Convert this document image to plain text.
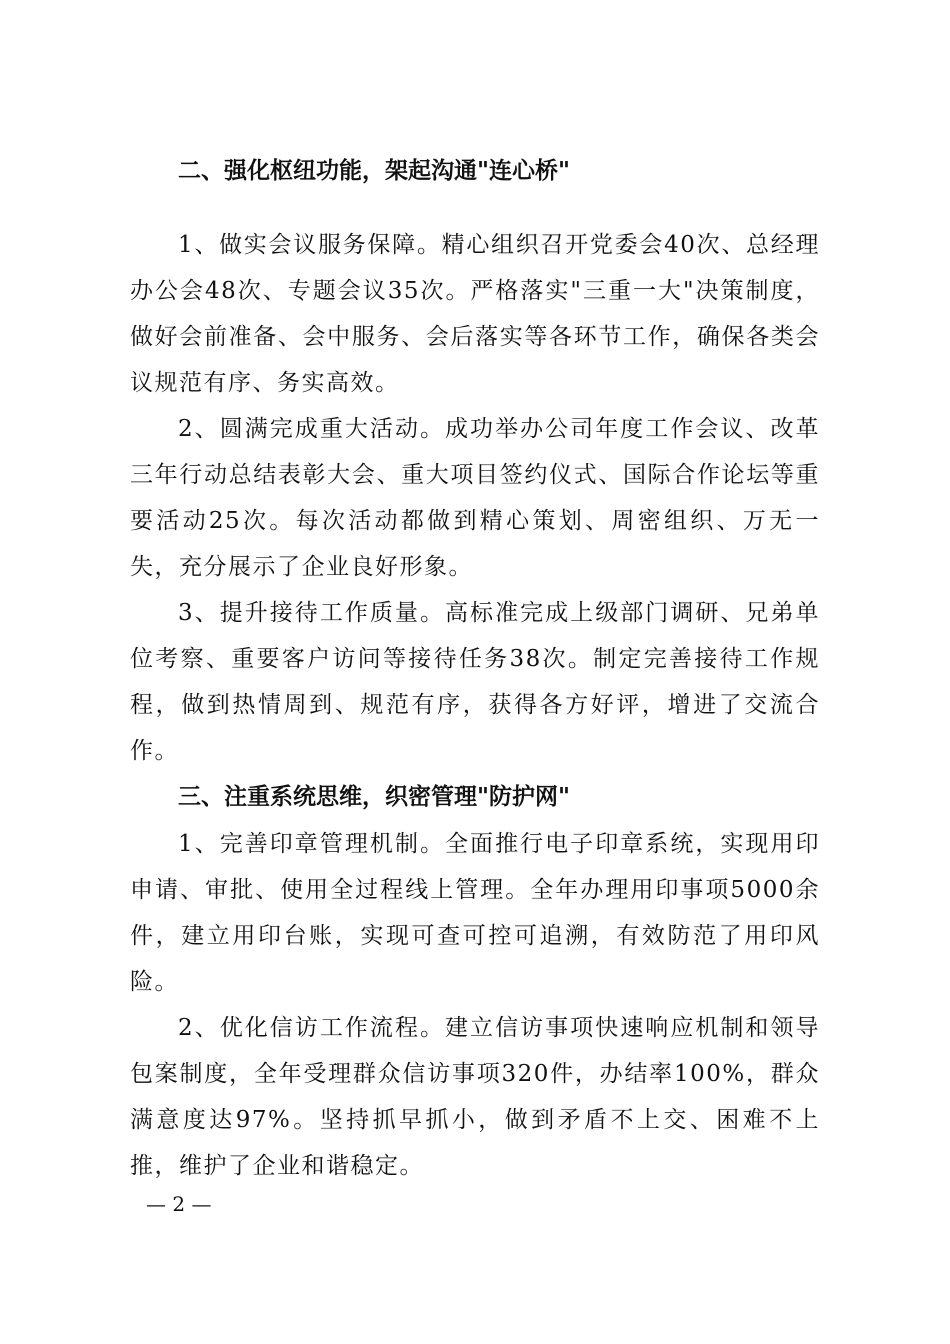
二、强化枢纽功能，架起沟通"连心桥"

1、做实会议服务保障。精心组织召开党委会40次、总经理办公会48次、专题会议35次。严格落实"三重一大"决策制度，做好会前准备、会中服务、会后落实等各环节工作，确保各类会议规范有序、务实高效。

2、圆满完成重大活动。成功举办公司年度工作会议、改革三年行动总结表彰大会、重大项目签约仪式、国际合作论坛等重要活动25次。每次活动都做到精心策划、周密组织、万无一失，充分展示了企业良好形象。

3、提升接待工作质量。高标准完成上级部门调研、兄弟单位考察、重要客户访问等接待任务38次。制定完善接待工作规程，做到热情周到、规范有序，获得各方好评，增进了交流合作。

三、注重系统思维，织密管理"防护网"

1、完善印章管理机制。全面推行电子印章系统，实现用印申请、审批、使用全过程线上管理。全年办理用印事项5000余件，建立用印台账，实现可查可控可追溯，有效防范了用印风险。

2、优化信访工作流程。建立信访事项快速响应机制和领导包案制度，全年受理群众信访事项320件，办结率100%，群众满意度达97%。坚持抓早抓小，做到矛盾不上交、困难不上推，维护了企业和谐稳定。

— 2 —
